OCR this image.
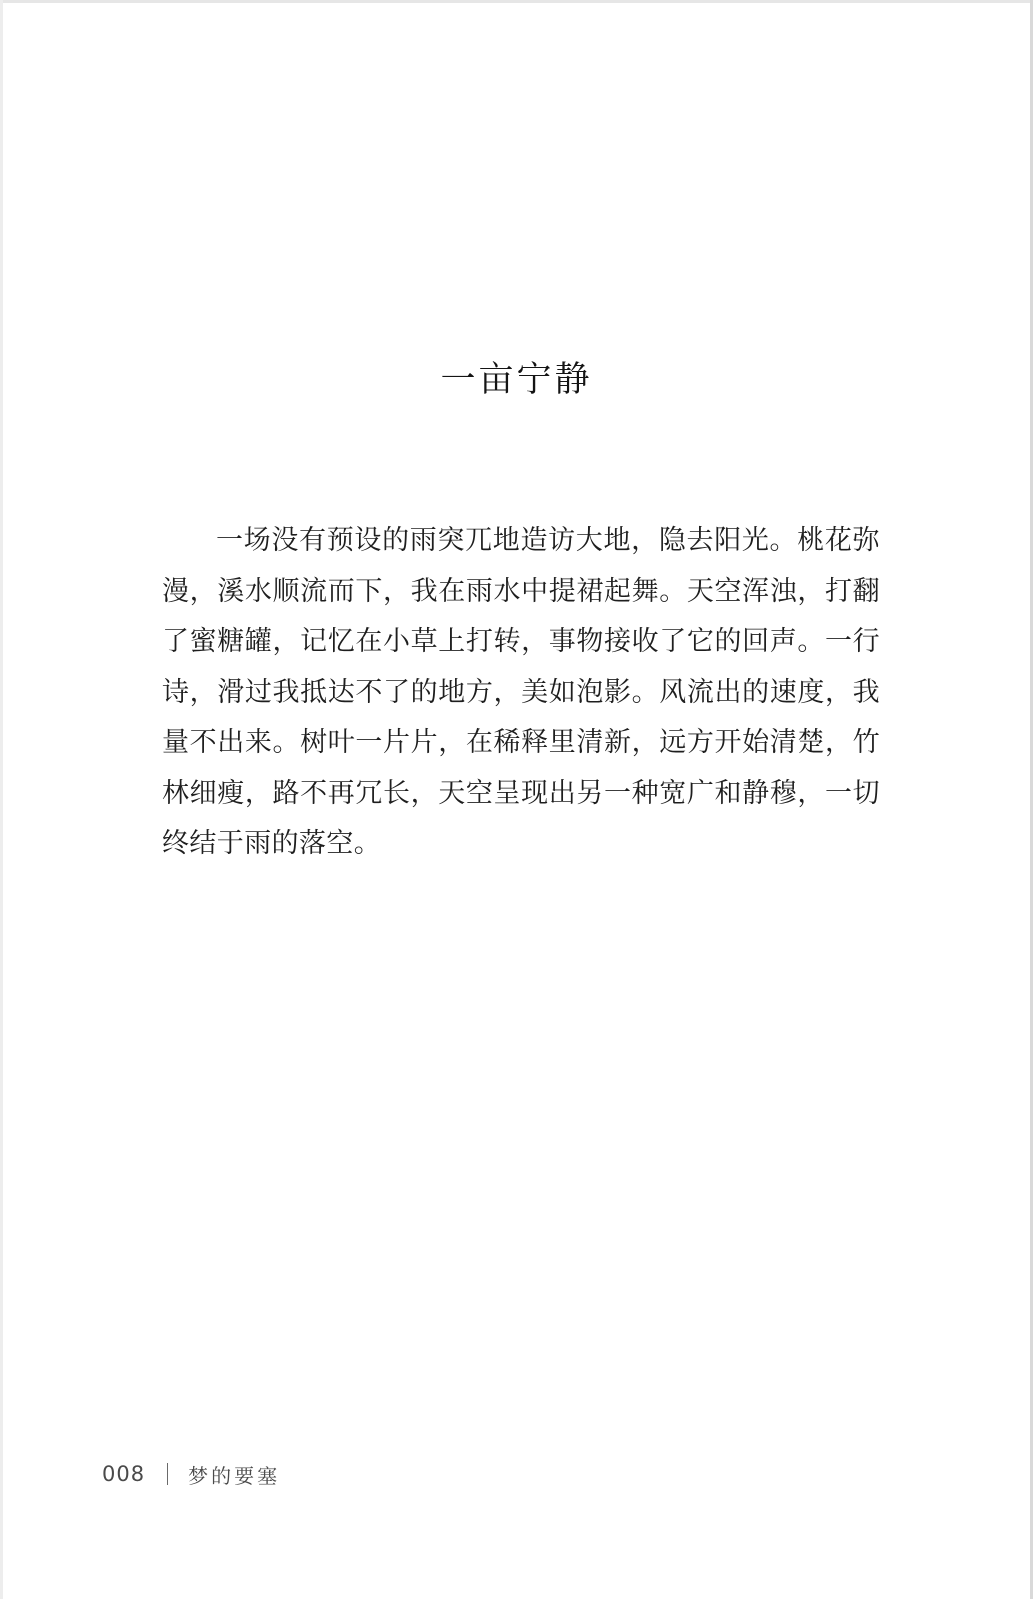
一亩宁静

一场没有预设的雨突兀地造访大地，隐去阳光。桃花弥漫，溪水顺流而下，我在雨水中提裙起舞。天空浑浊，打翻了蜜糖罐，记忆在小草上打转，事物接收了它的回声。一行诗，滑过我抵达不了的地方，美如泡影。风流出的速度，我量不出来。树叶一片片，在稀释里清新，远方开始清楚，竹林细瘦，路不再冗长，天空呈现出另一种宽广和静穆，一切终结于雨的落空。

008 梦的要塞
